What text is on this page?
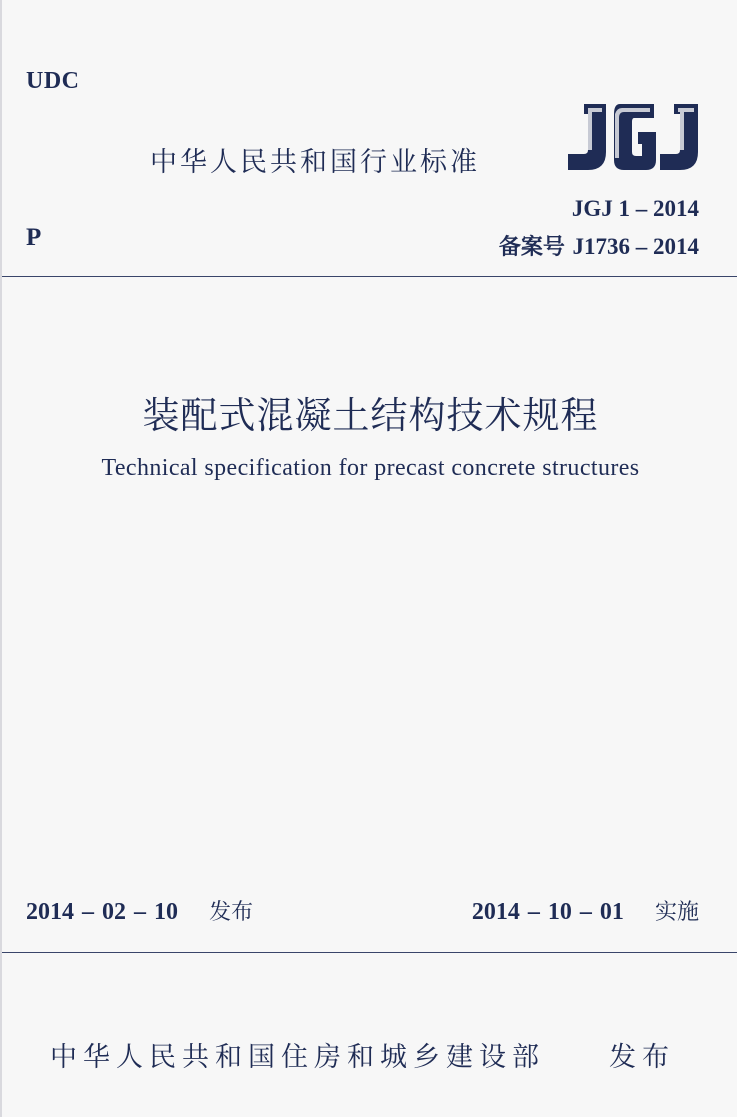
UDC
中华人民共和国行业标准
JGJ 1 – 2014
P	备案号 J1736 – 2014
装配式混凝土结构技术规程
Technical specification for precast concrete structures
2014 – 02 – 10 发布	2014 – 10 – 01 实施
中华人民共和国住房和城乡建设部 发布
